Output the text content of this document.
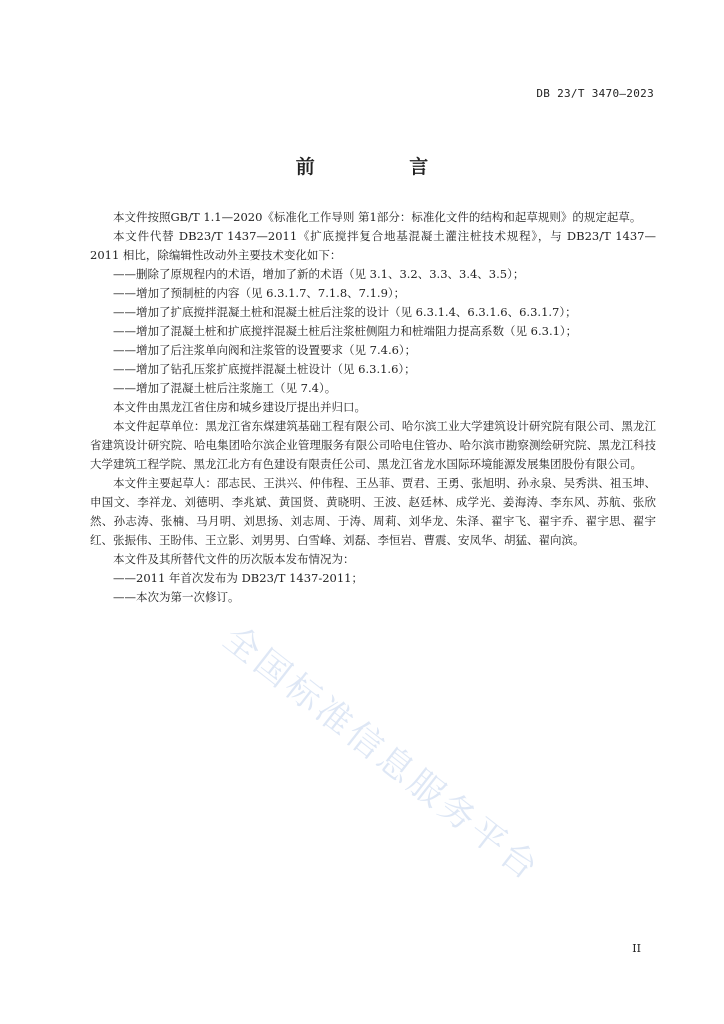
DB 23/T 3470—2023
前 言

本文件按照GB/T 1.1—2020《标准化工作导则 第1部分：标准化文件的结构和起草规则》的规定起草。

本文件代替 DB23/T 1437—2011《扩底搅拌复合地基混凝土灌注桩技术规程》，与 DB23/T 1437—2011 相比，除编辑性改动外主要技术变化如下：

——删除了原规程内的术语，增加了新的术语（见 3.1、3.2、3.3、3.4、3.5）；

——增加了预制桩的内容（见 6.3.1.7、7.1.8、7.1.9）；

——增加了扩底搅拌混凝土桩和混凝土桩后注浆的设计（见 6.3.1.4、6.3.1.6、6.3.1.7）；

——增加了混凝土桩和扩底搅拌混凝土桩后注浆桩侧阻力和桩端阻力提高系数（见 6.3.1）；

——增加了后注浆单向阀和注浆管的设置要求（见 7.4.6）；

——增加了钻孔压浆扩底搅拌混凝土桩设计（见 6.3.1.6）；

——增加了混凝土桩后注浆施工（见 7.4）。

本文件由黑龙江省住房和城乡建设厅提出并归口。

本文件起草单位：黑龙江省东煤建筑基础工程有限公司、哈尔滨工业大学建筑设计研究院有限公司、黑龙江省建筑设计研究院、哈电集团哈尔滨企业管理服务有限公司哈电住管办、哈尔滨市勘察测绘研究院、黑龙江科技大学建筑工程学院、黑龙江北方有色建设有限责任公司、黑龙江省龙水国际环境能源发展集团股份有限公司。

本文件主要起草人：邵志民、王洪兴、仲伟程、王丛菲、贾君、王勇、张旭明、孙永泉、吴秀洪、祖玉坤、申国文、李祥龙、刘德明、李兆斌、黄国贤、黄晓明、王波、赵廷林、成学光、姜海涛、李东风、苏航、张欣然、孙志涛、张楠、马月明、刘思扬、刘志周、于涛、周莉、刘华龙、朱泽、翟宇飞、翟宇乔、翟宇思、翟宇红、张振伟、王盼伟、王立影、刘男男、白雪峰、刘磊、李恒岩、曹震、安凤华、胡猛、翟向滨。

本文件及其所替代文件的历次版本发布情况为：

——2011 年首次发布为 DB23/T 1437-2011；

——本次为第一次修订。

全国标准信息服务平台
II
